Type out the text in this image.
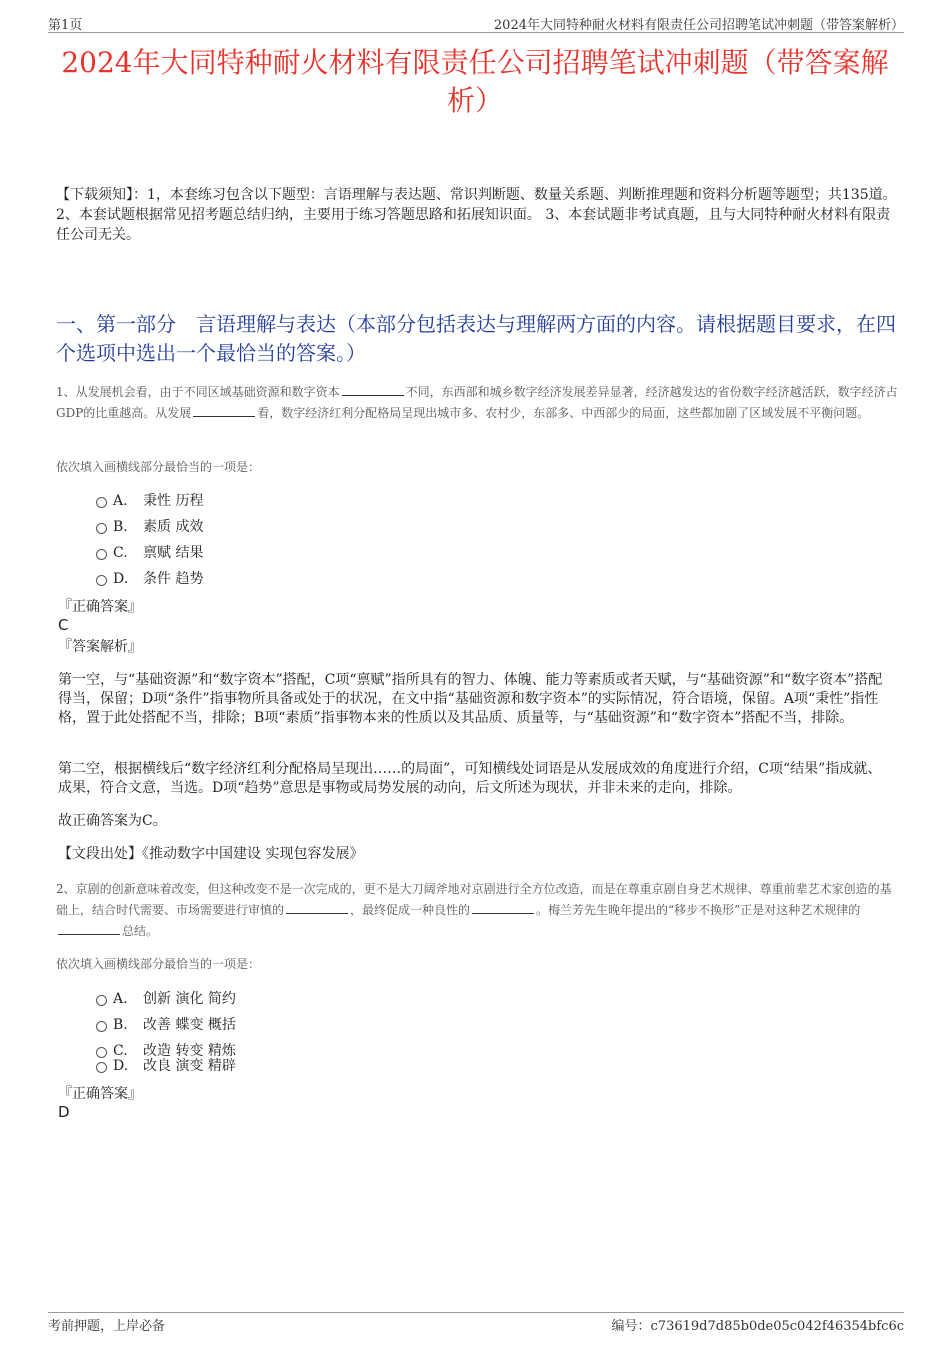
第1页	2024年大同特种耐火材料有限责任公司招聘笔试冲刺题（带答案解析）
2024年大同特种耐火材料有限责任公司招聘笔试冲刺题（带答案解析）
【下载须知】：1，本套练习包含以下题型：言语理解与表达题、常识判断题、数量关系题、判断推理题和资料分析题等题型；共135道。 2、本套试题根据常见招考题总结归纳，主要用于练习答题思路和拓展知识面。 3、本套试题非考试真题，且与大同特种耐火材料有限责任公司无关。
一、第一部分　言语理解与表达（本部分包括表达与理解两方面的内容。请根据题目要求，在四个选项中选出一个最恰当的答案。）
1、从发展机会看，由于不同区域基础资源和数字资本	不同，东西部和城乡数字经济发展差异显著，经济越发达的省份数字经济越活跃，数字经济占GDP的比重越高。从发展	看，数字经济红利分配格局呈现出城市多、农村少，东部多、中西部少的局面，这些都加剧了区域发展不平衡问题。
依次填入画横线部分最恰当的一项是：
A. 秉性 历程
B. 素质 成效
C. 禀赋 结果
D. 条件 趋势
『正确答案』
C
『答案解析』
第一空，与“基础资源”和“数字资本”搭配，C项“禀赋”指所具有的智力、体魄、能力等素质或者天赋，与“基础资源”和“数字资本”搭配得当，保留；D项“条件”指事物所具备或处于的状况，在文中指“基础资源和数字资本”的实际情况，符合语境，保留。A项“秉性”指性格，置于此处搭配不当，排除；B项“素质”指事物本来的性质以及其品质、质量等，与“基础资源”和“数字资本”搭配不当，排除。
第二空，根据横线后“数字经济红利分配格局呈现出……的局面”，可知横线处词语是从发展成效的角度进行介绍，C项“结果”指成就、成果，符合文意，当选。D项“趋势”意思是事物或局势发展的动向，后文所述为现状，并非未来的走向，排除。
故正确答案为C。
【文段出处】《推动数字中国建设 实现包容发展》
2、京剧的创新意味着改变，但这种改变不是一次完成的，更不是大刀阔斧地对京剧进行全方位改造，而是在尊重京剧自身艺术规律、尊重前辈艺术家创造的基础上，结合时代需要、市场需要进行审慎的	，最终促成一种良性的	。梅兰芳先生晚年提出的“移步不换形”正是对这种艺术规律的总结。
依次填入画横线部分最恰当的一项是：
A. 创新 演化 简约
B. 改善 蝶变 概括
C. 改造 转变 精炼
D. 改良 演变 精辟
『正确答案』
D
考前押题，上岸必备	编号：c73619d7d85b0de05c042f46354bfc6c
